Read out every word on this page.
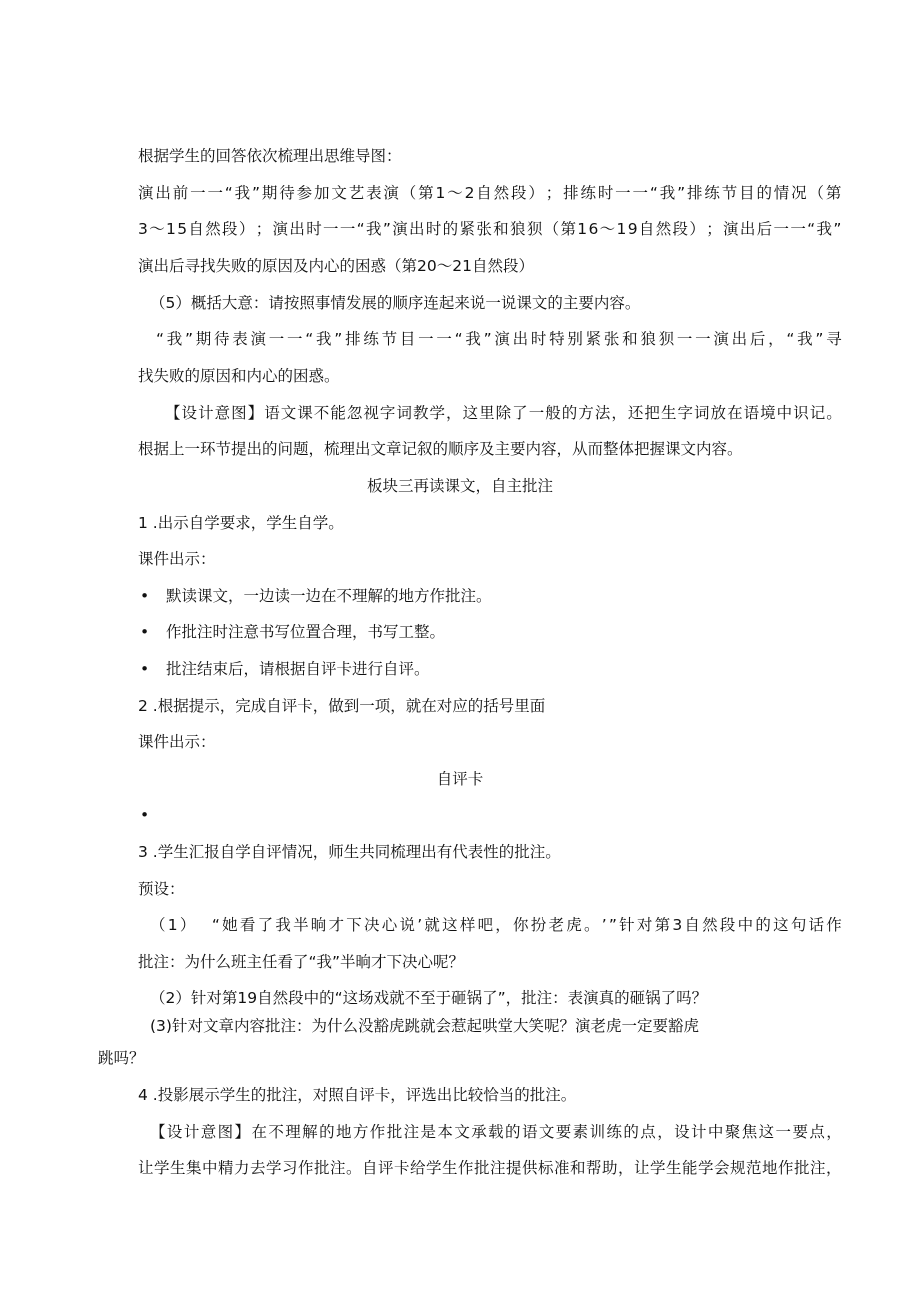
根据学生的回答依次梳理出思维导图：
演 出 前 一 一 “ 我 ” 期 待 参 加 文 艺 表 演 （ 第 1 ～ 2 自 然 段 ） ； 排 练 时 一 一 “ 我 ” 排 练 节 目 的 情 况 （ 第
3 ～ 1 5 自 然 段 ） ； 演 出 时 一 一 “ 我 ” 演 出 时 的 紧 张 和 狼 狈 （ 第 1 6 ～ 1 9 自 然 段 ） ； 演 出 后 一 一 “ 我 ”
演出后寻找失败的原因及内心的困惑（第20～21自然段）
（5）概括大意：请按照事情发展的顺序连起来说一说课文的主要内容。
“ 我 ” 期 待 表 演 一 一 “ 我 ” 排 练 节 目 一 一 “ 我 ” 演 出 时 特 别 紧 张 和 狼 狈 一 一 演 出 后 ， “ 我 ” 寻
找失败的原因和内心的困惑。
【 设 计 意 图 】 语 文 课 不 能 忽 视 字 词 教 学 ， 这 里 除 了 一 般 的 方 法 ， 还 把 生 字 词 放 在 语 境 中 识 记 。
根据上一环节提出的问题，梳理出文章记叙的顺序及主要内容，从而整体把握课文内容。
板块三再读课文，自主批注
1 .出示自学要求，学生自学。
课件出示：
• 默读课文，一边读一边在不理解的地方作批注。
• 作批注时注意书写位置合理，书写工整。
• 批注结束后，请根据自评卡进行自评。
2 .根据提示，完成自评卡，做到一项，就在对应的括号里面
课件出示：
自评卡
•
3 .学生汇报自学自评情况，师生共同梳理出有代表性的批注。
预设：
（ 1 ）

“ 她 看 了 我 半 晌 才 下 决 心 说 ’ 就 这 样 吧 ， 你 扮 老 虎 。 ’ ” 针 对 第 3 自 然 段 中 的 这 句 话 作
批注：为什么班主任看了“我”半晌才下决心呢？
（2）针对第19自然段中的“这场戏就不至于砸锅了”，批注：表演真的砸锅了吗？
(3)针对文章内容批注：为什么没豁虎跳就会惹起哄堂大笑呢？演老虎一定要豁虎
跳吗？
4 .投影展示学生的批注，对照自评卡，评选出比较恰当的批注。
【 设 计 意 图 】 在 不 理 解 的 地 方 作 批 注 是 本 文 承 载 的 语 文 要 素 训 练 的 点 ， 设 计 中 聚 焦 这 一 要 点 ，
让 学 生 集 中 精 力 去 学 习 作 批 注 。 自 评 卡 给 学 生 作 批 注 提 供 标 准 和 帮 助 ， 让 学 生 能 学 会 规 范 地 作 批 注 ，
